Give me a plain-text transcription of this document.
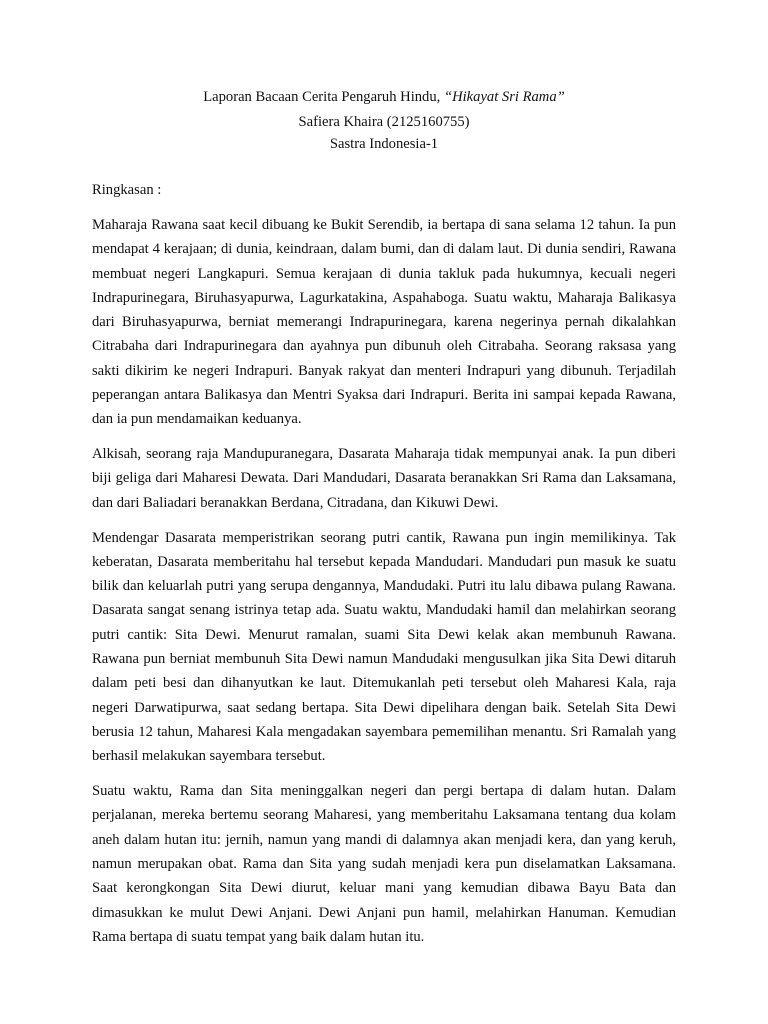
Laporan Bacaan Cerita Pengaruh Hindu, “Hikayat Sri Rama”

Safiera Khaira (2125160755)

Sastra Indonesia-1

Ringkasan :

Maharaja Rawana saat kecil dibuang ke Bukit Serendib, ia bertapa di sana selama 12 tahun. Ia pun mendapat 4 kerajaan; di dunia, keindraan, dalam bumi, dan di dalam laut. Di dunia sendiri, Rawana membuat negeri Langkapuri. Semua kerajaan di dunia takluk pada hukumnya, kecuali negeri Indrapurinegara, Biruhasyapurwa, Lagurkatakina, Aspahaboga. Suatu waktu, Maharaja Balikasya dari Biruhasyapurwa, berniat memerangi Indrapurinegara, karena negerinya pernah dikalahkan Citrabaha dari Indrapurinegara dan ayahnya pun dibunuh oleh Citrabaha. Seorang raksasa yang sakti dikirim ke negeri Indrapuri. Banyak rakyat dan menteri Indrapuri yang dibunuh. Terjadilah peperangan antara Balikasya dan Mentri Syaksa dari Indrapuri. Berita ini sampai kepada Rawana, dan ia pun mendamaikan keduanya.

Alkisah, seorang raja Mandupuranegara, Dasarata Maharaja tidak mempunyai anak. Ia pun diberi biji geliga dari Maharesi Dewata. Dari Mandudari, Dasarata beranakkan Sri Rama dan Laksamana, dan dari Baliadari beranakkan Berdana, Citradana, dan Kikuwi Dewi.

Mendengar Dasarata memperistrikan seorang putri cantik, Rawana pun ingin memilikinya. Tak keberatan, Dasarata memberitahu hal tersebut kepada Mandudari. Mandudari pun masuk ke suatu bilik dan keluarlah putri yang serupa dengannya, Mandudaki. Putri itu lalu dibawa pulang Rawana. Dasarata sangat senang istrinya tetap ada. Suatu waktu, Mandudaki hamil dan melahirkan seorang putri cantik: Sita Dewi. Menurut ramalan, suami Sita Dewi kelak akan membunuh Rawana. Rawana pun berniat membunuh Sita Dewi namun Mandudaki mengusulkan jika Sita Dewi ditaruh dalam peti besi dan dihanyutkan ke laut. Ditemukanlah peti tersebut oleh Maharesi Kala, raja negeri Darwatipurwa, saat sedang bertapa. Sita Dewi dipelihara dengan baik. Setelah Sita Dewi berusia 12 tahun, Maharesi Kala mengadakan sayembara pememilihan menantu. Sri Ramalah yang berhasil melakukan sayembara tersebut.

Suatu waktu, Rama dan Sita meninggalkan negeri dan pergi bertapa di dalam hutan. Dalam perjalanan, mereka bertemu seorang Maharesi, yang memberitahu Laksamana tentang dua kolam aneh dalam hutan itu: jernih, namun yang mandi di dalamnya akan menjadi kera, dan yang keruh, namun merupakan obat. Rama dan Sita yang sudah menjadi kera pun diselamatkan Laksamana. Saat kerongkongan Sita Dewi diurut, keluar mani yang kemudian dibawa Bayu Bata dan dimasukkan ke mulut Dewi Anjani. Dewi Anjani pun hamil, melahirkan Hanuman. Kemudian Rama bertapa di suatu tempat yang baik dalam hutan itu.
